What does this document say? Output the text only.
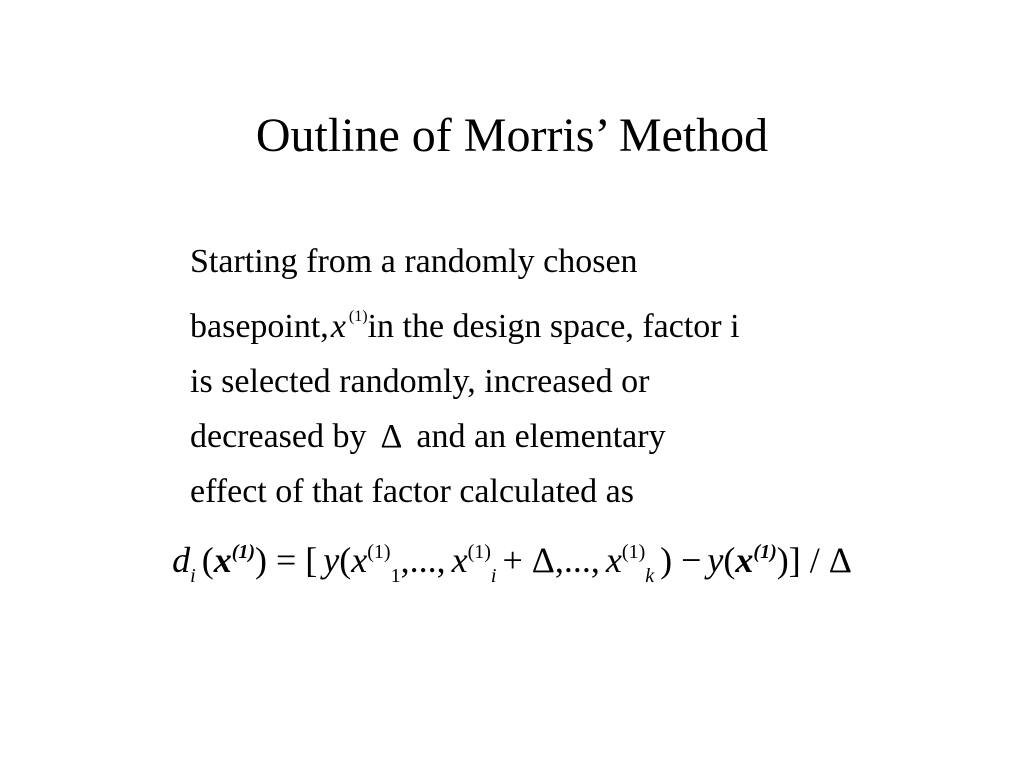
Outline of Morris’ Method
Starting from a randomly chosen
basepoint,x $^{(1)}$in the design space, factor i
is selected randomly, increased or
decreased by Δ and an elementary
effect of that factor calculated as
$d_i$ $(x^{(1)})$ = [ $y(x^{(1)}_1$,..., $x^{(1)}_i + \Delta$,..., $x^{(1)}_k$ ) − $y(x^{(1)})$] / Δ
